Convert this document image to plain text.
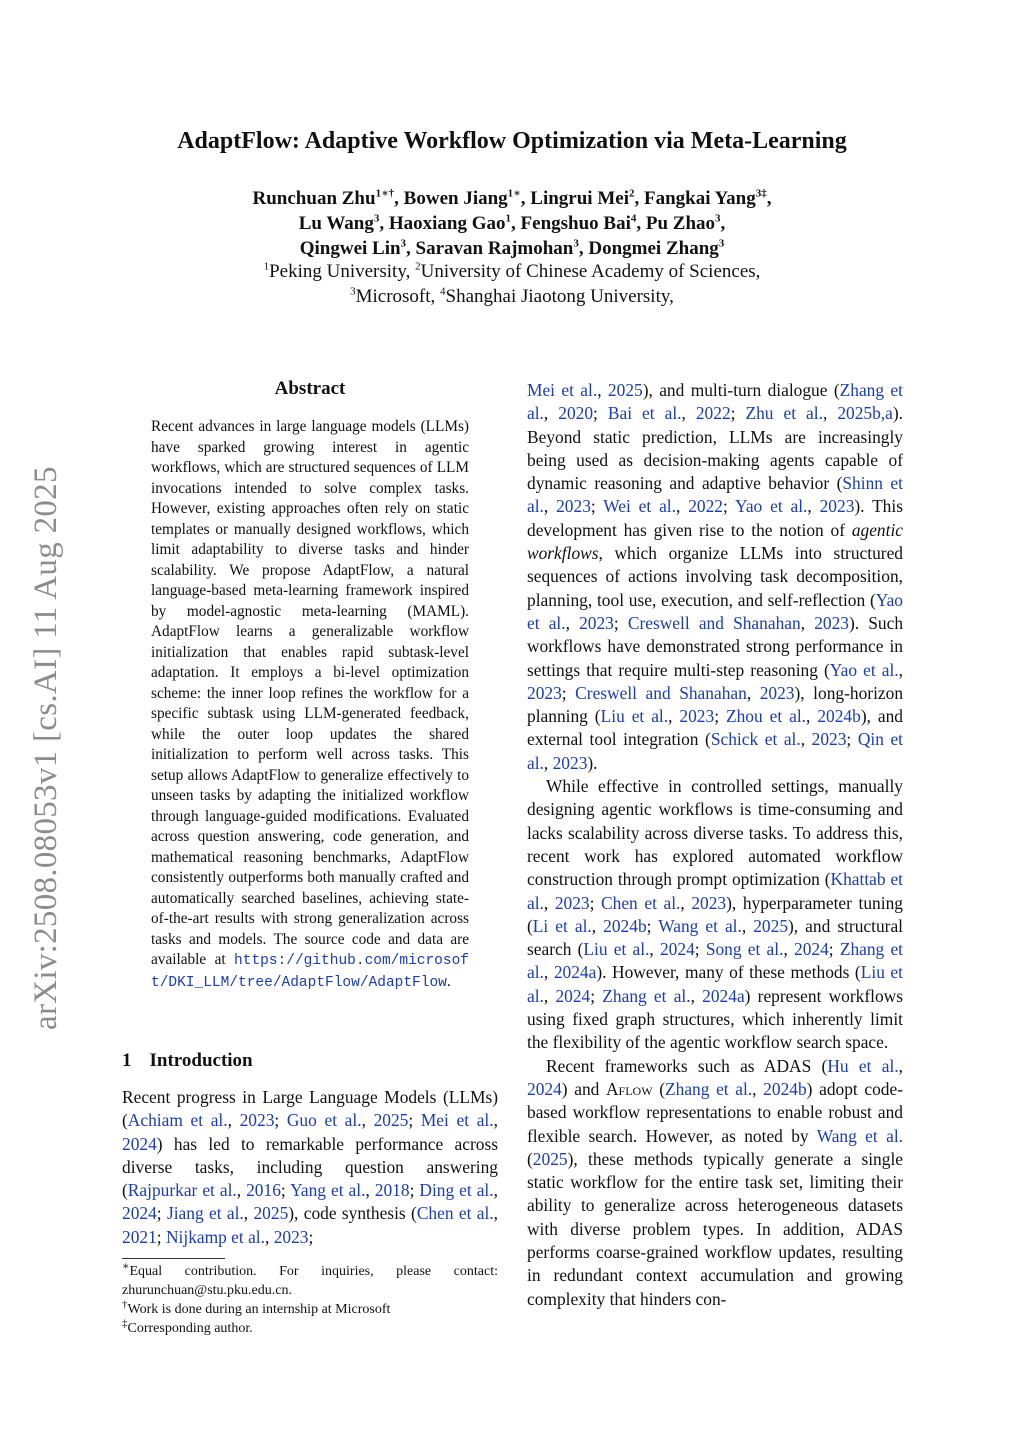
arXiv:2508.08053v1 [cs.AI] 11 Aug 2025
AdaptFlow: Adaptive Workflow Optimization via Meta-Learning
Runchuan Zhu$^{1∗\dagger}$, Bowen Jiang$^{1∗}$, Lingrui Mei$^2$, Fangkai Yang$^{3\ddagger}$,
Lu Wang$^3$, Haoxiang Gao$^1$, Fengshuo Bai$^4$, Pu Zhao$^3$,
Qingwei Lin$^3$, Saravan Rajmohan$^3$, Dongmei Zhang$^3$
$^1$Peking University, $^2$University of Chinese Academy of Sciences,
$^3$Microsoft, $^4$Shanghai Jiaotong University,
Abstract
Recent advances in large language models (LLMs) have sparked growing interest in agentic workflows, which are structured sequences of LLM invocations intended to solve complex tasks. However, existing approaches often rely on static templates or manually designed workflows, which limit adaptability to diverse tasks and hinder scalability. We propose AdaptFlow, a natural language-based meta-learning framework inspired by model-agnostic meta-learning (MAML). AdaptFlow learns a generalizable workflow initialization that enables rapid subtask-level adaptation. It employs a bi-level optimization scheme: the inner loop refines the workflow for a specific subtask using LLM-generated feedback, while the outer loop updates the shared initialization to perform well across tasks. This setup allows AdaptFlow to generalize effectively to unseen tasks by adapting the initialized workflow through language-guided modifications. Evaluated across question answering, code generation, and mathematical reasoning benchmarks, AdaptFlow consistently outperforms both manually crafted and automatically searched baselines, achieving state-of-the-art results with strong generalization across tasks and models. The source code and data are available at https://github.com/microsoft/DKI_LLM/tree/AdaptFlow/AdaptFlow.
1 Introduction
Recent progress in Large Language Models (LLMs) (Achiam et al., 2023; Guo et al., 2025; Mei et al., 2024) has led to remarkable performance across diverse tasks, including question answering (Rajpurkar et al., 2016; Yang et al., 2018; Ding et al., 2024; Jiang et al., 2025), code synthesis (Chen et al., 2021; Nijkamp et al., 2023;

∗Equal contribution. For inquiries, please contact: zhurunchuan@stu.pku.edu.cn.

†Work is done during an internship at Microsoft

‡Corresponding author.

Mei et al., 2025), and multi-turn dialogue (Zhang et al., 2020; Bai et al., 2022; Zhu et al., 2025b,a). Beyond static prediction, LLMs are increasingly being used as decision-making agents capable of dynamic reasoning and adaptive behavior (Shinn et al., 2023; Wei et al., 2022; Yao et al., 2023). This development has given rise to the notion of agentic workflows, which organize LLMs into structured sequences of actions involving task decomposition, planning, tool use, execution, and self-reflection (Yao et al., 2023; Creswell and Shanahan, 2023). Such workflows have demonstrated strong performance in settings that require multi-step reasoning (Yao et al., 2023; Creswell and Shanahan, 2023), long-horizon planning (Liu et al., 2023; Zhou et al., 2024b), and external tool integration (Schick et al., 2023; Qin et al., 2023).

While effective in controlled settings, manually designing agentic workflows is time-consuming and lacks scalability across diverse tasks. To address this, recent work has explored automated workflow construction through prompt optimization (Khattab et al., 2023; Chen et al., 2023), hyperparameter tuning (Li et al., 2024b; Wang et al., 2025), and structural search (Liu et al., 2024; Song et al., 2024; Zhang et al., 2024a). However, many of these methods (Liu et al., 2024; Zhang et al., 2024a) represent workflows using fixed graph structures, which inherently limit the flexibility of the agentic workflow search space.

Recent frameworks such as ADAS (Hu et al., 2024) and Aflow (Zhang et al., 2024b) adopt code-based workflow representations to enable robust and flexible search. However, as noted by Wang et al. (2025), these methods typically generate a single static workflow for the entire task set, limiting their ability to generalize across heterogeneous datasets with diverse problem types. In addition, ADAS performs coarse-grained workflow updates, resulting in redundant context accumulation and growing complexity that hinders con-
